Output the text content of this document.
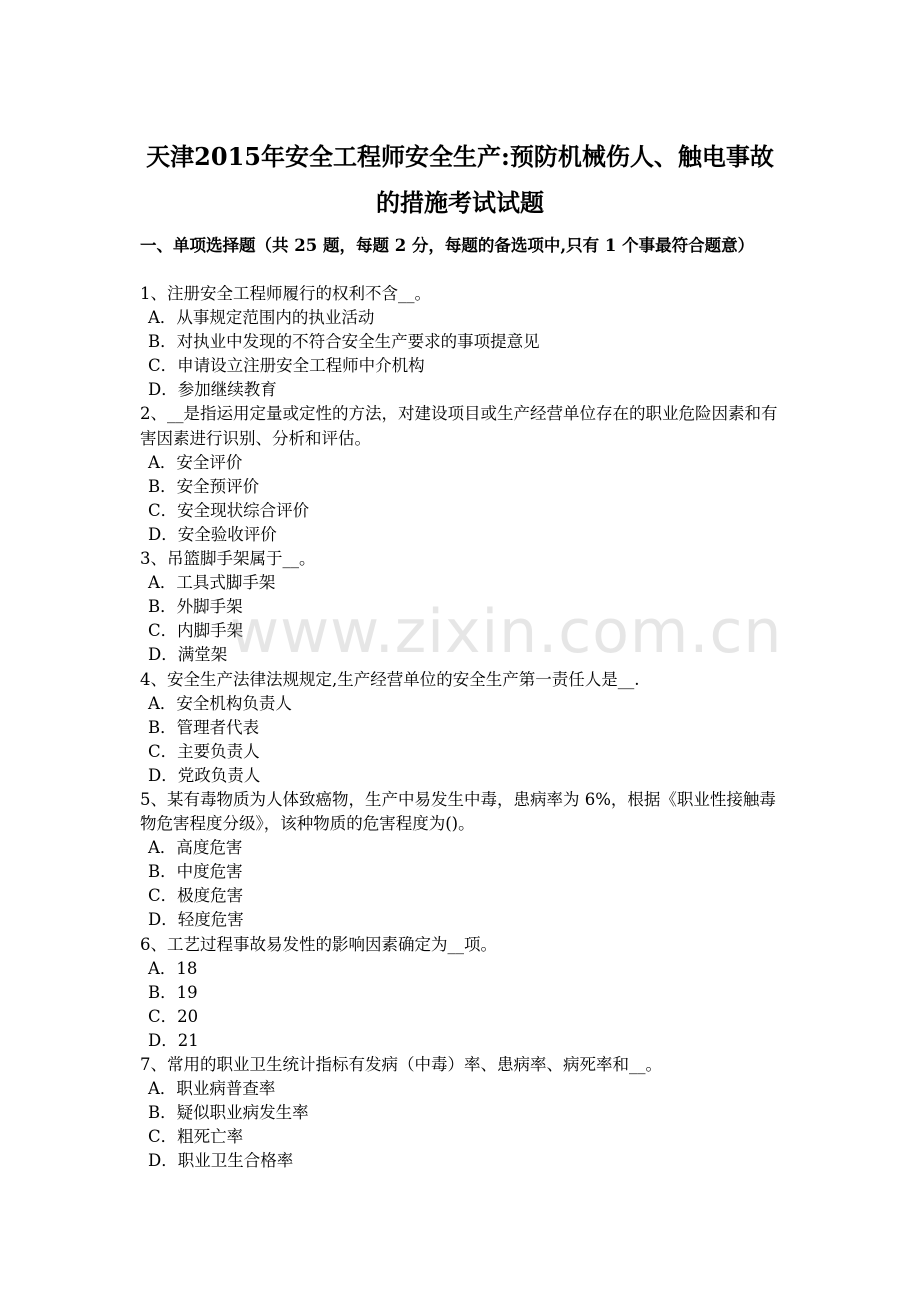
天津2015年安全工程师安全生产:预防机械伤人、触电事故
的措施考试试题
一、单项选择题（共 25 题，每题 2 分，每题的备选项中,只有 1 个事最符合题意）

1、注册安全工程师履行的权利不含__。

A．从事规定范围内的执业活动

B．对执业中发现的不符合安全生产要求的事项提意见

C．申请设立注册安全工程师中介机构

D．参加继续教育

2、__是指运用定量或定性的方法，对建设项目或生产经营单位存在的职业危险因素和有害因素进行识别、分析和评估。

A．安全评价

B．安全预评价

C．安全现状综合评价

D．安全验收评价

3、吊篮脚手架属于__。

A．工具式脚手架

B．外脚手架

C．内脚手架

D．满堂架

4、安全生产法律法规规定,生产经营单位的安全生产第一责任人是__.

A．安全机构负责人

B．管理者代表

C．主要负责人

D．党政负责人

5、某有毒物质为人体致癌物，生产中易发生中毒，患病率为 6%，根据《职业性接触毒物危害程度分级》，该种物质的危害程度为()。

A．高度危害

B．中度危害

C．极度危害

D．轻度危害

6、工艺过程事故易发性的影响因素确定为__项。

A．18

B．19

C．20

D．21

7、常用的职业卫生统计指标有发病（中毒）率、患病率、病死率和__。

A．职业病普查率

B．疑似职业病发生率

C．粗死亡率

D．职业卫生合格率

www.zixin.com.cn
